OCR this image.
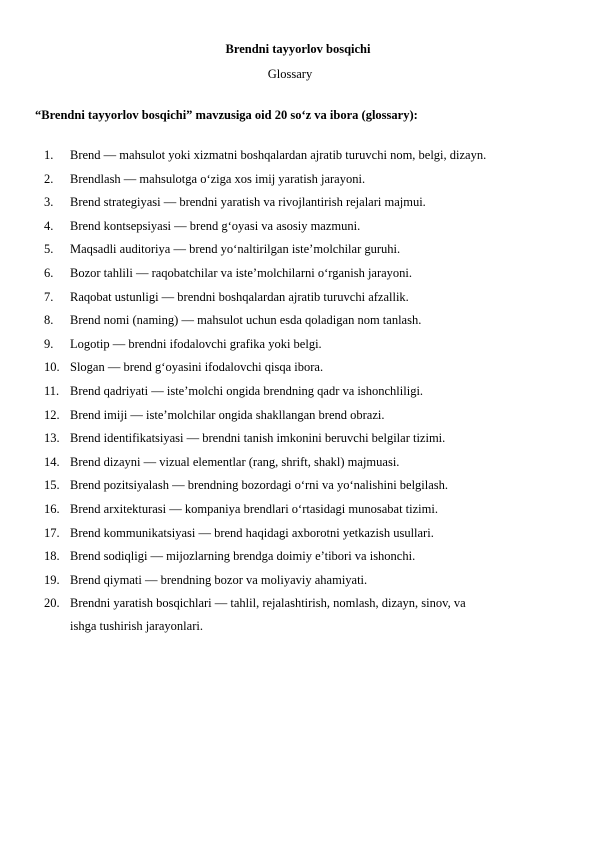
Brendni tayyorlov bosqichi
Glossary
“Brendni tayyorlov bosqichi” mavzusiga oid 20 so‘z va ibora (glossary):
1. Brend — mahsulot yoki xizmatni boshqalardan ajratib turuvchi nom, belgi, dizayn.
2. Brendlash — mahsulotga o‘ziga xos imij yaratish jarayoni.
3. Brend strategiyasi — brendni yaratish va rivojlantirish rejalari majmui.
4. Brend kontsepsiyasi — brend g‘oyasi va asosiy mazmuni.
5. Maqsadli auditoriya — brend yo‘naltirilgan iste’molchilar guruhi.
6. Bozor tahlili — raqobatchilar va iste’molchilarni o‘rganish jarayoni.
7. Raqobat ustunligi — brendni boshqalardan ajratib turuvchi afzallik.
8. Brend nomi (naming) — mahsulot uchun esda qoladigan nom tanlash.
9. Logotip — brendni ifodalovchi grafika yoki belgi.
10. Slogan — brend g‘oyasini ifodalovchi qisqa ibora.
11. Brend qadriyati — iste’molchi ongida brendning qadr va ishonchliligi.
12. Brend imiji — iste’molchilar ongida shakllangan brend obrazi.
13. Brend identifikatsiyasi — brendni tanish imkonini beruvchi belgilar tizimi.
14. Brend dizayni — vizual elementlar (rang, shrift, shakl) majmuasi.
15. Brend pozitsiyalash — brendning bozordagi o‘rni va yo‘nalishini belgilash.
16. Brend arxitekturasi — kompaniya brendlari o‘rtasidagi munosabat tizimi.
17. Brend kommunikatsiyasi — brend haqidagi axborotni yetkazish usullari.
18. Brend sodiqligi — mijozlarning brendga doimiy e’tibori va ishonchi.
19. Brend qiymati — brendning bozor va moliyaviy ahamiyati.
20. Brendni yaratish bosqichlari — tahlil, rejalashtirish, nomlash, dizayn, sinov, va
ishga tushirish jarayonlari.
